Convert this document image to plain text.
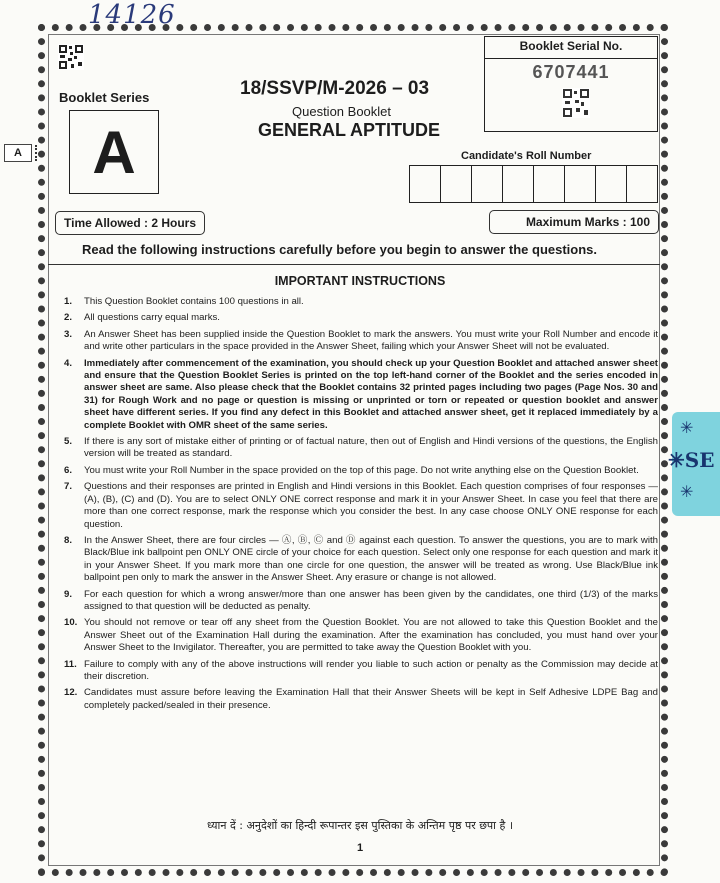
14126
Booklet Series
A
A
18/SSVP/M-2026 – 03
Question Booklet
GENERAL APTITUDE
Booklet Serial No.
6707441
Candidate's Roll Number
Time Allowed : 2 Hours	Maximum Marks : 100
Read the following instructions carefully before you begin to answer the questions.
IMPORTANT INSTRUCTIONS
1. This Question Booklet contains 100 questions in all.
2. All questions carry equal marks.
3. An Answer Sheet has been supplied inside the Question Booklet to mark the answers. You must write your Roll Number and encode it and write other particulars in the space provided in the Answer Sheet, failing which your Answer Sheet will not be evaluated.
4. Immediately after commencement of the examination, you should check up your Question Booklet and attached answer sheet and ensure that the Question Booklet Series is printed on the top left-hand corner of the Booklet and the series encoded in answer sheet are same. Also please check that the Booklet contains 32 printed pages including two pages (Page Nos. 30 and 31) for Rough Work and no page or question is missing or unprinted or torn or repeated or question booklet and answer sheet have different series. If you find any defect in this Booklet and attached answer sheet, get it replaced immediately by a complete Booklet with OMR sheet of the same series.
5. If there is any sort of mistake either of printing or of factual nature, then out of English and Hindi versions of the questions, the English version will be treated as standard.
6. You must write your Roll Number in the space provided on the top of this page. Do not write anything else on the Question Booklet.
7. Questions and their responses are printed in English and Hindi versions in this Booklet. Each question comprises of four responses — (A), (B), (C) and (D). You are to select ONLY ONE correct response and mark it in your Answer Sheet. In case you feel that there are more than one correct response, mark the response which you consider the best. In any case choose ONLY ONE response for each question.
8. In the Answer Sheet, there are four circles — Ⓐ, Ⓑ, Ⓒ and Ⓓ against each question. To answer the questions, you are to mark with Black/Blue ink ballpoint pen ONLY ONE circle of your choice for each question. Select only one response for each question and mark it in your Answer Sheet. If you mark more than one circle for one question, the answer will be treated as wrong. Use Black/Blue ink ballpoint pen only to mark the answer in the Answer Sheet. Any erasure or change is not allowed.
9. For each question for which a wrong answer/more than one answer has been given by the candidates, one third (1/3) of the marks assigned to that question will be deducted as penalty.
10. You should not remove or tear off any sheet from the Question Booklet. You are not allowed to take this Question Booklet and the Answer Sheet out of the Examination Hall during the examination. After the examination has concluded, you must hand over your Answer Sheet to the Invigilator. Thereafter, you are permitted to take away the Question Booklet with you.
11. Failure to comply with any of the above instructions will render you liable to such action or penalty as the Commission may decide at their discretion.
12. Candidates must assure before leaving the Examination Hall that their Answer Sheets will be kept in Self Adhesive LDPE Bag and completely packed/sealed in their presence.
ध्यान दें : अनुदेशों का हिन्दी रूपान्तर इस पुस्तिका के अन्तिम पृष्ठ पर छपा है ।
1
✳
✳SE
✳
